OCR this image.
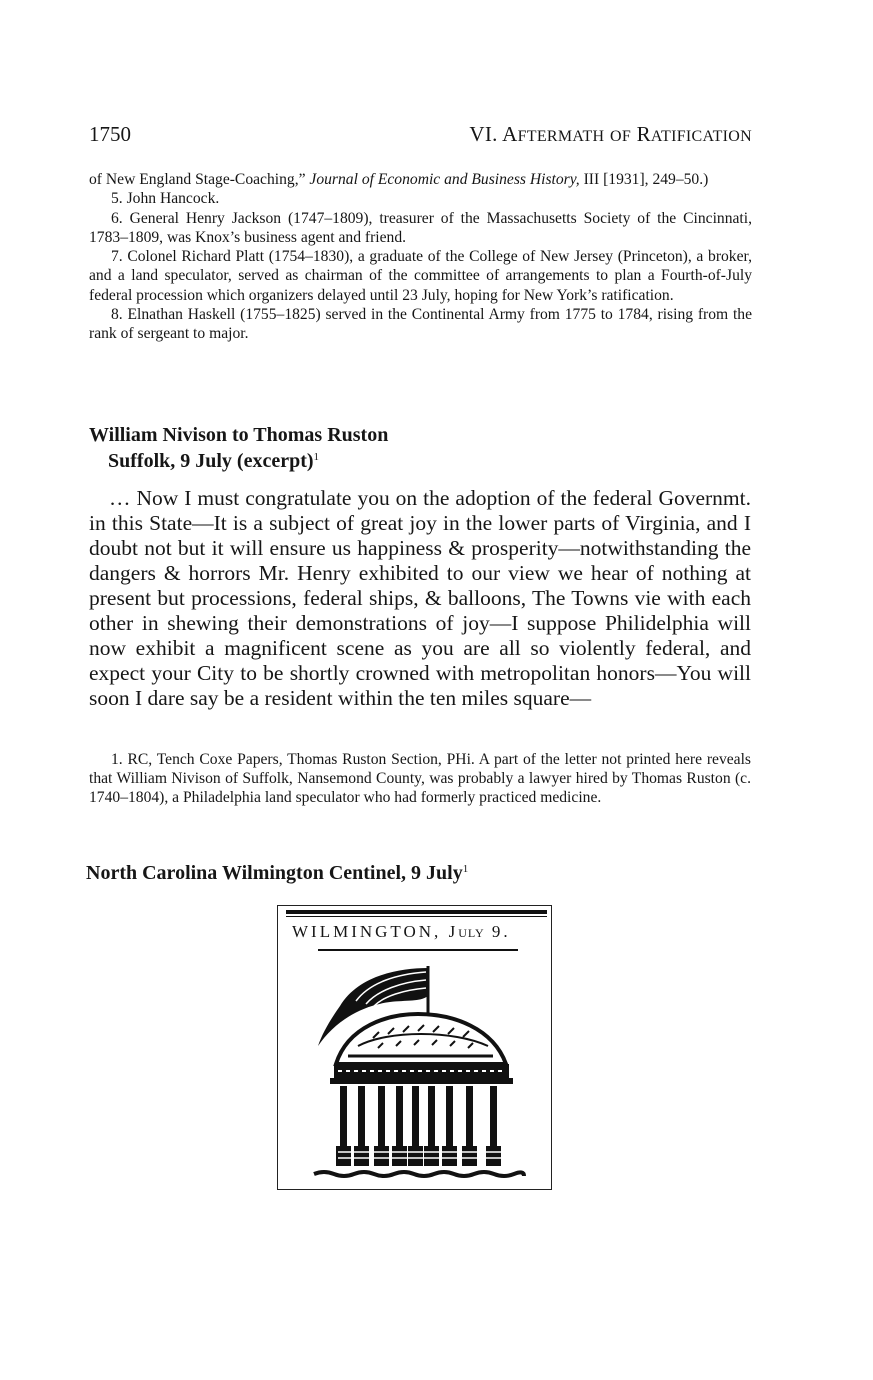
1750	VI. AFTERMATH OF RATIFICATION

of New England Stage-Coaching,” Journal of Economic and Business History, III [1931], 249–50.)

5. John Hancock.

6. General Henry Jackson (1747–1809), treasurer of the Massachusetts Society of the Cincinnati, 1783–1809, was Knox’s business agent and friend.

7. Colonel Richard Platt (1754–1830), a graduate of the College of New Jersey (Princeton), a broker, and a land speculator, served as chairman of the committee of arrangements to plan a Fourth-of-July federal procession which organizers delayed until 23 July, hoping for New York’s ratification.

8. Elnathan Haskell (1755–1825) served in the Continental Army from 1775 to 1784, rising from the rank of sergeant to major.

William Nivison to Thomas Ruston
Suffolk, 9 July (excerpt)$^1$

… Now I must congratulate you on the adoption of the federal Governmt. in this State—It is a subject of great joy in the lower parts of Virginia, and I doubt not but it will ensure us happiness & prosperity—notwithstanding the dangers & horrors Mr. Henry exhibited to our view we hear of nothing at present but processions, federal ships, & balloons, The Towns vie with each other in shewing their demonstrations of joy—I suppose Philidelphia will now exhibit a magnificent scene as you are all so violently federal, and expect your City to be shortly crowned with metropolitan honors—You will soon I dare say be a resident within the ten miles square—

1. RC, Tench Coxe Papers, Thomas Ruston Section, PHi. A part of the letter not printed here reveals that William Nivison of Suffolk, Nansemond County, was probably a lawyer hired by Thomas Ruston (c. 1740–1804), a Philadelphia land speculator who had formerly practiced medicine.

North Carolina Wilmington Centinel, 9 July$^1$
WILMINGTON, JULY 9.
